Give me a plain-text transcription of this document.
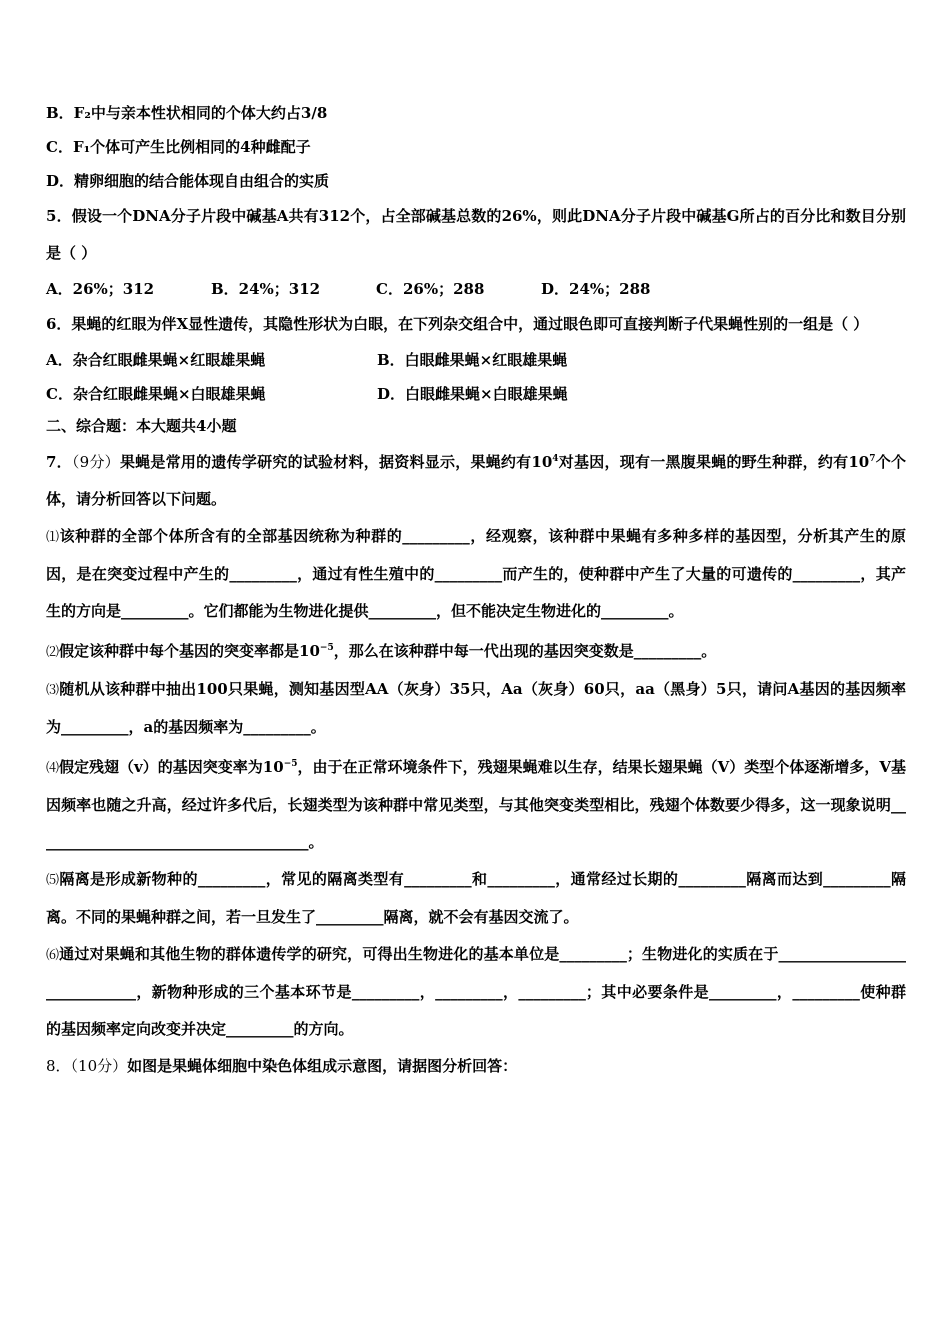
B．F₂中与亲本性状相同的个体大约占3/8
C．F₁个体可产生比例相同的4种雌配子
D．精卵细胞的结合能体现自由组合的实质
5．假设一个DNA分子片段中碱基A共有312个，占全部碱基总数的26%，则此DNA分子片段中碱基G所占的百分比和数目分别是（ ）
A．26%；312	B．24%；312	C．26%；288	D．24%；288
6．果蝇的红眼为伴X显性遗传，其隐性形状为白眼，在下列杂交组合中，通过眼色即可直接判断子代果蝇性别的一组是（ ）
A．杂合红眼雌果蝇×红眼雄果蝇	B．白眼雌果蝇×红眼雄果蝇
C．杂合红眼雌果蝇×白眼雄果蝇	D．白眼雌果蝇×白眼雄果蝇
二、综合题：本大题共4小题
7．（9分）果蝇是常用的遗传学研究的试验材料，据资料显示，果蝇约有$10^4$对基因，现有一黑腹果蝇的野生种群，约有$10^7$个个体，请分析回答以下问题。
⑴该种群的全部个体所含有的全部基因统称为种群的_________，经观察，该种群中果蝇有多种多样的基因型，分析其产生的原因，是在突变过程中产生的_________，通过有性生殖中的_________而产生的，使种群中产生了大量的可遗传的_________，其产生的方向是_________。它们都能为生物进化提供_________，但不能决定生物进化的_________。
⑵假定该种群中每个基因的突变率都是$10^{-5}$，那么在该种群中每一代出现的基因突变数是_________。
⑶随机从该种群中抽出100只果蝇，测知基因型AA（灰身）35只，Aa（灰身）60只，aa（黑身）5只，请问A基因的基因频率为_________，a的基因频率为_________。
⑷假定残翅（v）的基因突变率为$10^{-5}$，由于在正常环境条件下，残翅果蝇难以生存，结果长翅果蝇（V）类型个体逐渐增多，V基因频率也随之升高，经过许多代后，长翅类型为该种群中常见类型，与其他突变类型相比，残翅个体数要少得多，这一现象说明_____________________________________。
⑸隔离是形成新物种的_________，常见的隔离类型有_________和_________，通常经过长期的_________隔离而达到_________隔离。不同的果蝇种群之间，若一旦发生了_________隔离，就不会有基因交流了。
⑹通过对果蝇和其他生物的群体遗传学的研究，可得出生物进化的基本单位是_________；生物进化的实质在于_____________________________，新物种形成的三个基本环节是_________，_________，_________；其中必要条件是_________，_________使种群的基因频率定向改变并决定_________的方向。
8．（10分）如图是果蝇体细胞中染色体组成示意图，请据图分析回答：
